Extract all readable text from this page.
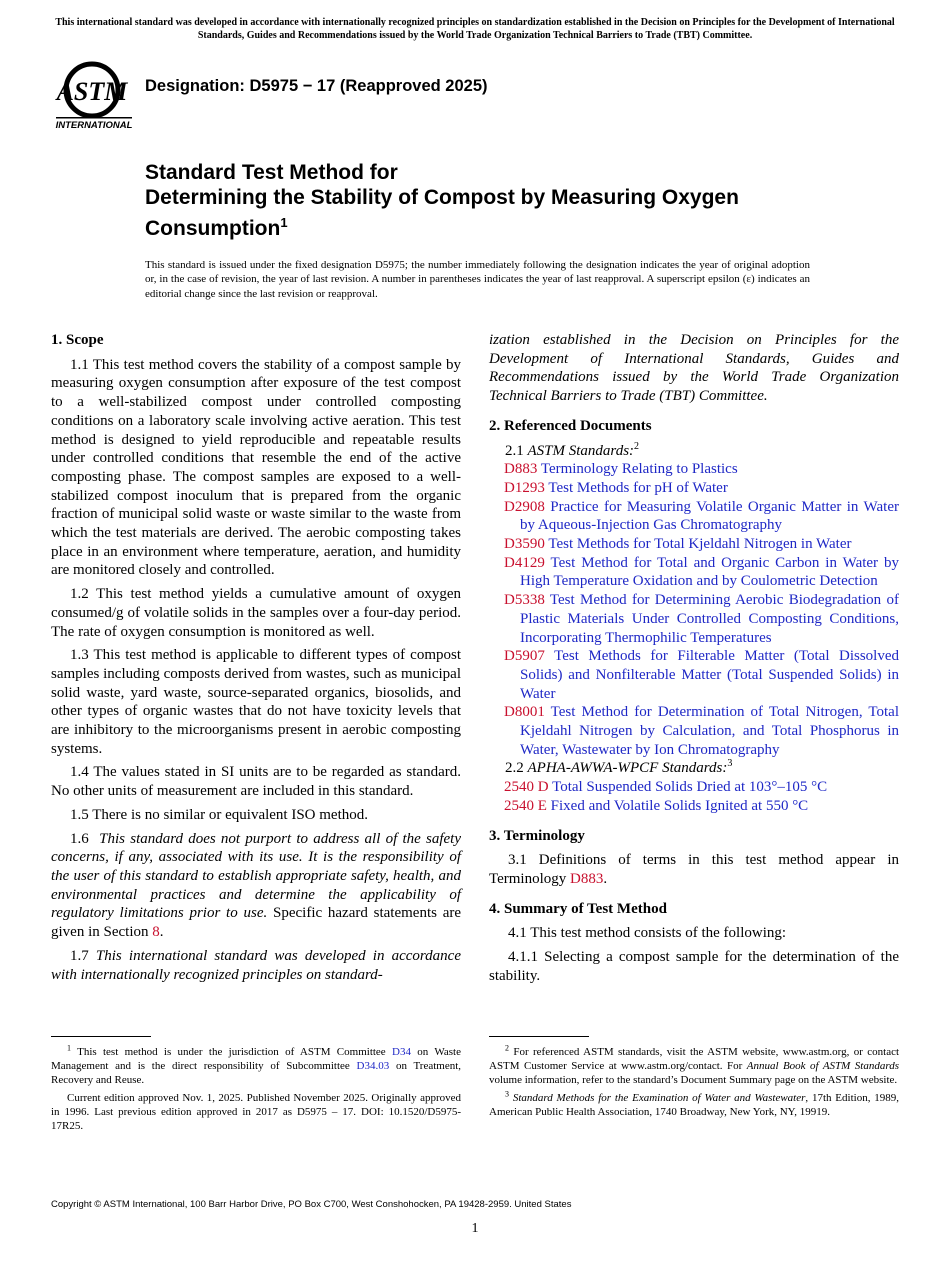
This international standard was developed in accordance with internationally recognized principles on standardization established in the Decision on Principles for the Development of International Standards, Guides and Recommendations issued by the World Trade Organization Technical Barriers to Trade (TBT) Committee.
ASTM
INTERNATIONAL
Designation: D5975 − 17 (Reapproved 2025)
Standard Test Method for
Determining the Stability of Compost by Measuring Oxygen Consumption$^1$
This standard is issued under the fixed designation D5975; the number immediately following the designation indicates the year of original adoption or, in the case of revision, the year of last revision. A number in parentheses indicates the year of last reapproval. A superscript epsilon (ε) indicates an editorial change since the last revision or reapproval.
1. Scope

1.1 This test method covers the stability of a compost sample by measuring oxygen consumption after exposure of the test compost to a well-stabilized compost under controlled composting conditions on a laboratory scale involving active aeration. This test method is designed to yield reproducible and repeatable results under controlled conditions that resemble the end of the active composting phase. The compost samples are exposed to a well-stabilized compost inoculum that is prepared from the organic fraction of municipal solid waste or waste similar to the waste from which the test materials are derived. The aerobic composting takes place in an environment where temperature, aeration, and humidity are monitored closely and controlled.

1.2 This test method yields a cumulative amount of oxygen consumed/g of volatile solids in the samples over a four-day period. The rate of oxygen consumption is monitored as well.

1.3 This test method is applicable to different types of compost samples including composts derived from wastes, such as municipal solid waste, yard waste, source-separated organics, biosolids, and other types of organic wastes that do not have toxicity levels that are inhibitory to the microorganisms present in aerobic composting systems.

1.4 The values stated in SI units are to be regarded as standard. No other units of measurement are included in this standard.

1.5 There is no similar or equivalent ISO method.

1.6 This standard does not purport to address all of the safety concerns, if any, associated with its use. It is the responsibility of the user of this standard to establish appropriate safety, health, and environmental practices and determine the applicability of regulatory limitations prior to use. Specific hazard statements are given in Section 8.

1.7 This international standard was developed in accordance with internationally recognized principles on standard-

ization established in the Decision on Principles for the Development of International Standards, Guides and Recommendations issued by the World Trade Organization Technical Barriers to Trade (TBT) Committee.

2. Referenced Documents
2.1 ASTM Standards:$^2$
D883 Terminology Relating to Plastics
D1293 Test Methods for pH of Water
D2908 Practice for Measuring Volatile Organic Matter in Water by Aqueous-Injection Gas Chromatography
D3590 Test Methods for Total Kjeldahl Nitrogen in Water
D4129 Test Method for Total and Organic Carbon in Water by High Temperature Oxidation and by Coulometric Detection
D5338 Test Method for Determining Aerobic Biodegradation of Plastic Materials Under Controlled Composting Conditions, Incorporating Thermophilic Temperatures
D5907 Test Methods for Filterable Matter (Total Dissolved Solids) and Nonfilterable Matter (Total Suspended Solids) in Water
D8001 Test Method for Determination of Total Nitrogen, Total Kjeldahl Nitrogen by Calculation, and Total Phosphorus in Water, Wastewater by Ion Chromatography
2.2 APHA-AWWA-WPCF Standards:$^3$
2540 D Total Suspended Solids Dried at 103°–105 °C
2540 E Fixed and Volatile Solids Ignited at 550 °C
3. Terminology

3.1 Definitions of terms in this test method appear in Terminology D883.

4. Summary of Test Method

4.1 This test method consists of the following:

4.1.1 Selecting a compost sample for the determination of the stability.

$^1$ This test method is under the jurisdiction of ASTM Committee D34 on Waste Management and is the direct responsibility of Subcommittee D34.03 on Treatment, Recovery and Reuse.

Current edition approved Nov. 1, 2025. Published November 2025. Originally approved in 1996. Last previous edition approved in 2017 as D5975 – 17. DOI: 10.1520/D5975-17R25.

$^2$ For referenced ASTM standards, visit the ASTM website, www.astm.org, or contact ASTM Customer Service at www.astm.org/contact. For Annual Book of ASTM Standards volume information, refer to the standard’s Document Summary page on the ASTM website.

$^3$ Standard Methods for the Examination of Water and Wastewater, 17th Edition, 1989, American Public Health Association, 1740 Broadway, New York, NY, 19919.

Copyright © ASTM International, 100 Barr Harbor Drive, PO Box C700, West Conshohocken, PA 19428-2959. United States
1
